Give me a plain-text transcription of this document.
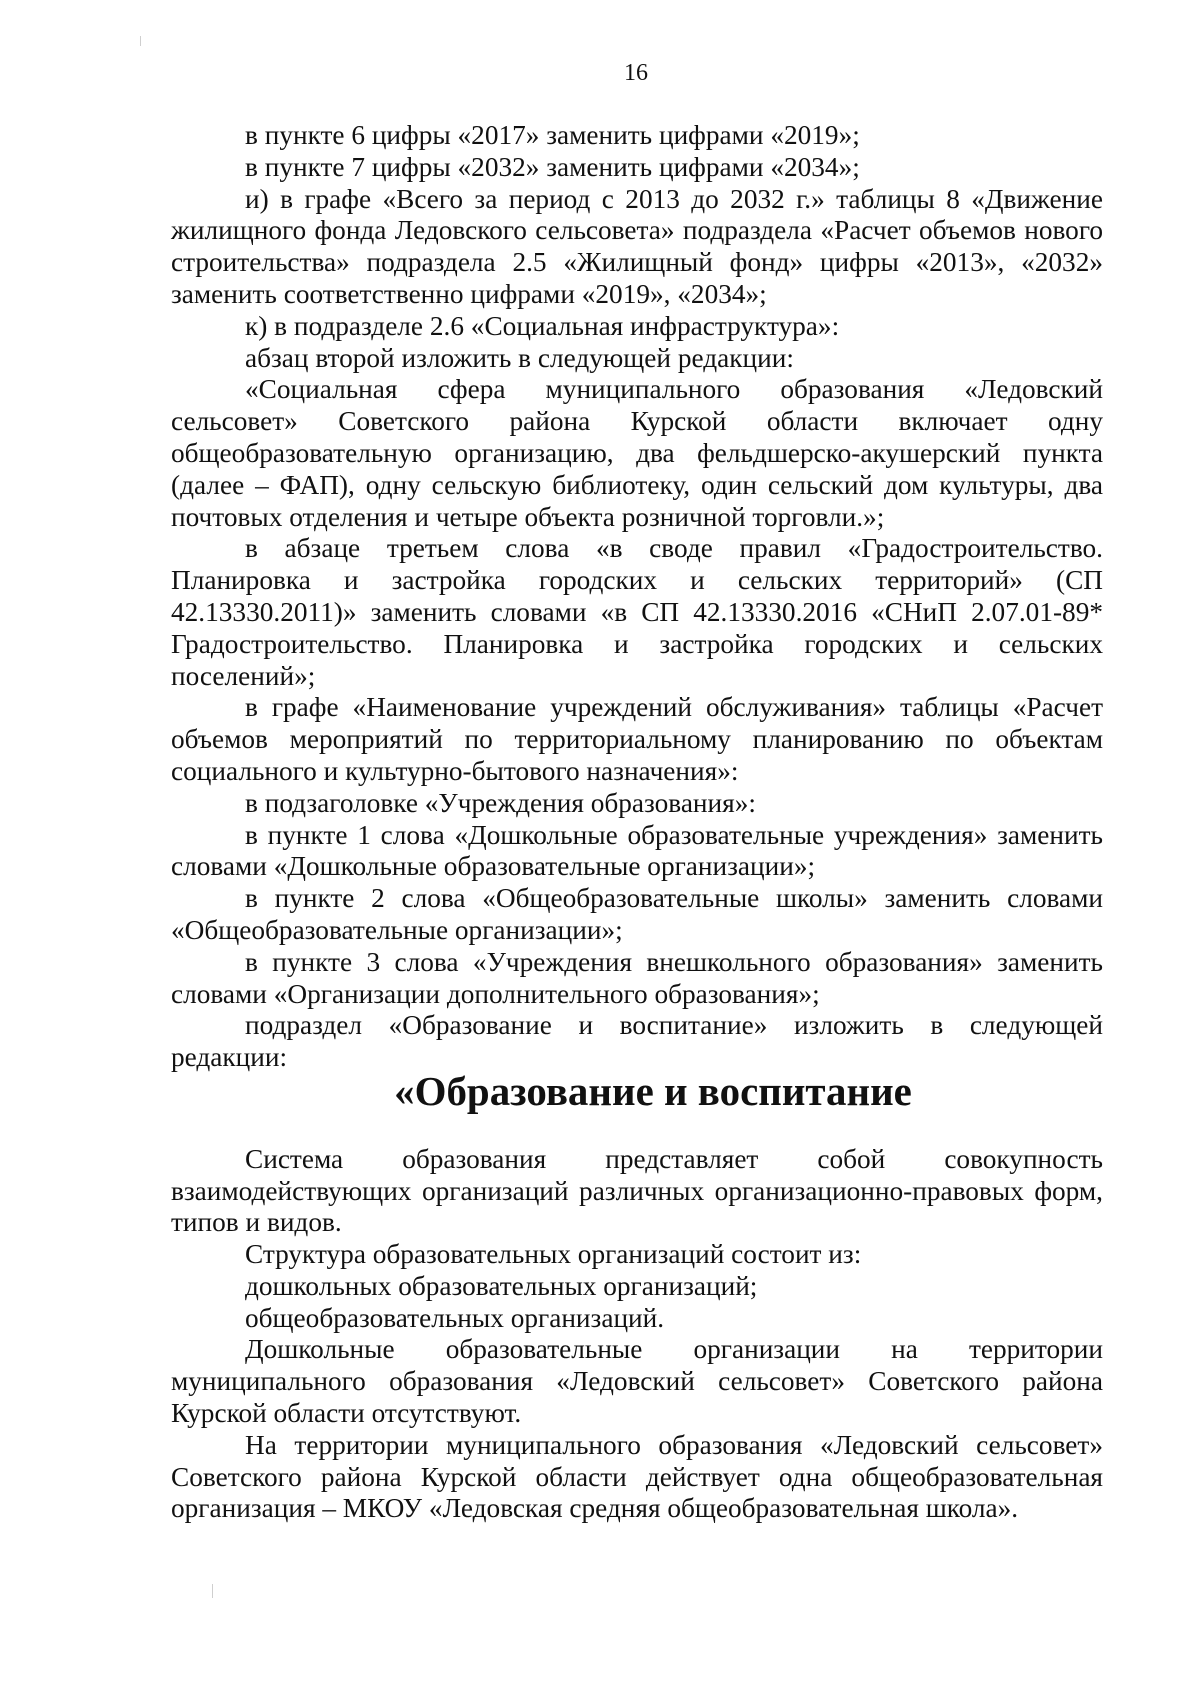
16

в пункте 6 цифры «2017» заменить цифрами «2019»;

в пункте 7 цифры «2032» заменить цифрами «2034»;

и) в графе «Всего за период с 2013 до 2032 г.» таблицы 8 «Движение жилищного фонда Ледовского сельсовета» подраздела «Расчет объемов нового строительства» подраздела 2.5 «Жилищный фонд» цифры «2013», «2032» заменить соответственно цифрами «2019», «2034»;

к) в подразделе 2.6 «Социальная инфраструктура»:

абзац второй изложить в следующей редакции:

«Социальная сфера муниципального образования «Ледовский сельсовет» Советского района Курской области включает одну общеобразовательную организацию, два фельдшерско-акушерский пункта (далее – ФАП), одну сельскую библиотеку, один сельский дом культуры, два почтовых отделения и четыре объекта розничной торговли.»;

в абзаце третьем слова «в своде правил «Градостроительство. Планировка и застройка городских и сельских территорий» (СП 42.13330.2011)» заменить словами «в СП 42.13330.2016 «СНиП 2.07.01-89* Градостроительство. Планировка и застройка городских и сельских поселений»;

в графе «Наименование учреждений обслуживания» таблицы «Расчет объемов мероприятий по территориальному планированию по объектам социального и культурно-бытового назначения»:

в подзаголовке «Учреждения образования»:

в пункте 1 слова «Дошкольные образовательные учреждения» заменить словами «Дошкольные образовательные организации»;

в пункте 2 слова «Общеобразовательные школы» заменить словами «Общеобразовательные организации»;

в пункте 3 слова «Учреждения внешкольного образования» заменить словами «Организации дополнительного образования»;

подраздел «Образование и воспитание» изложить в следующей редакции:

«Образование и воспитание

Система образования представляет собой совокупность взаимодействующих организаций различных организационно-правовых форм, типов и видов.

Структура образовательных организаций состоит из:

дошкольных образовательных организаций;

общеобразовательных организаций.

Дошкольные образовательные организации на территории муниципального образования «Ледовский сельсовет» Советского района Курской области отсутствуют.

На территории муниципального образования «Ледовский сельсовет» Советского района Курской области действует одна общеобразовательная организация – МКОУ «Ледовская средняя общеобразовательная школа».
